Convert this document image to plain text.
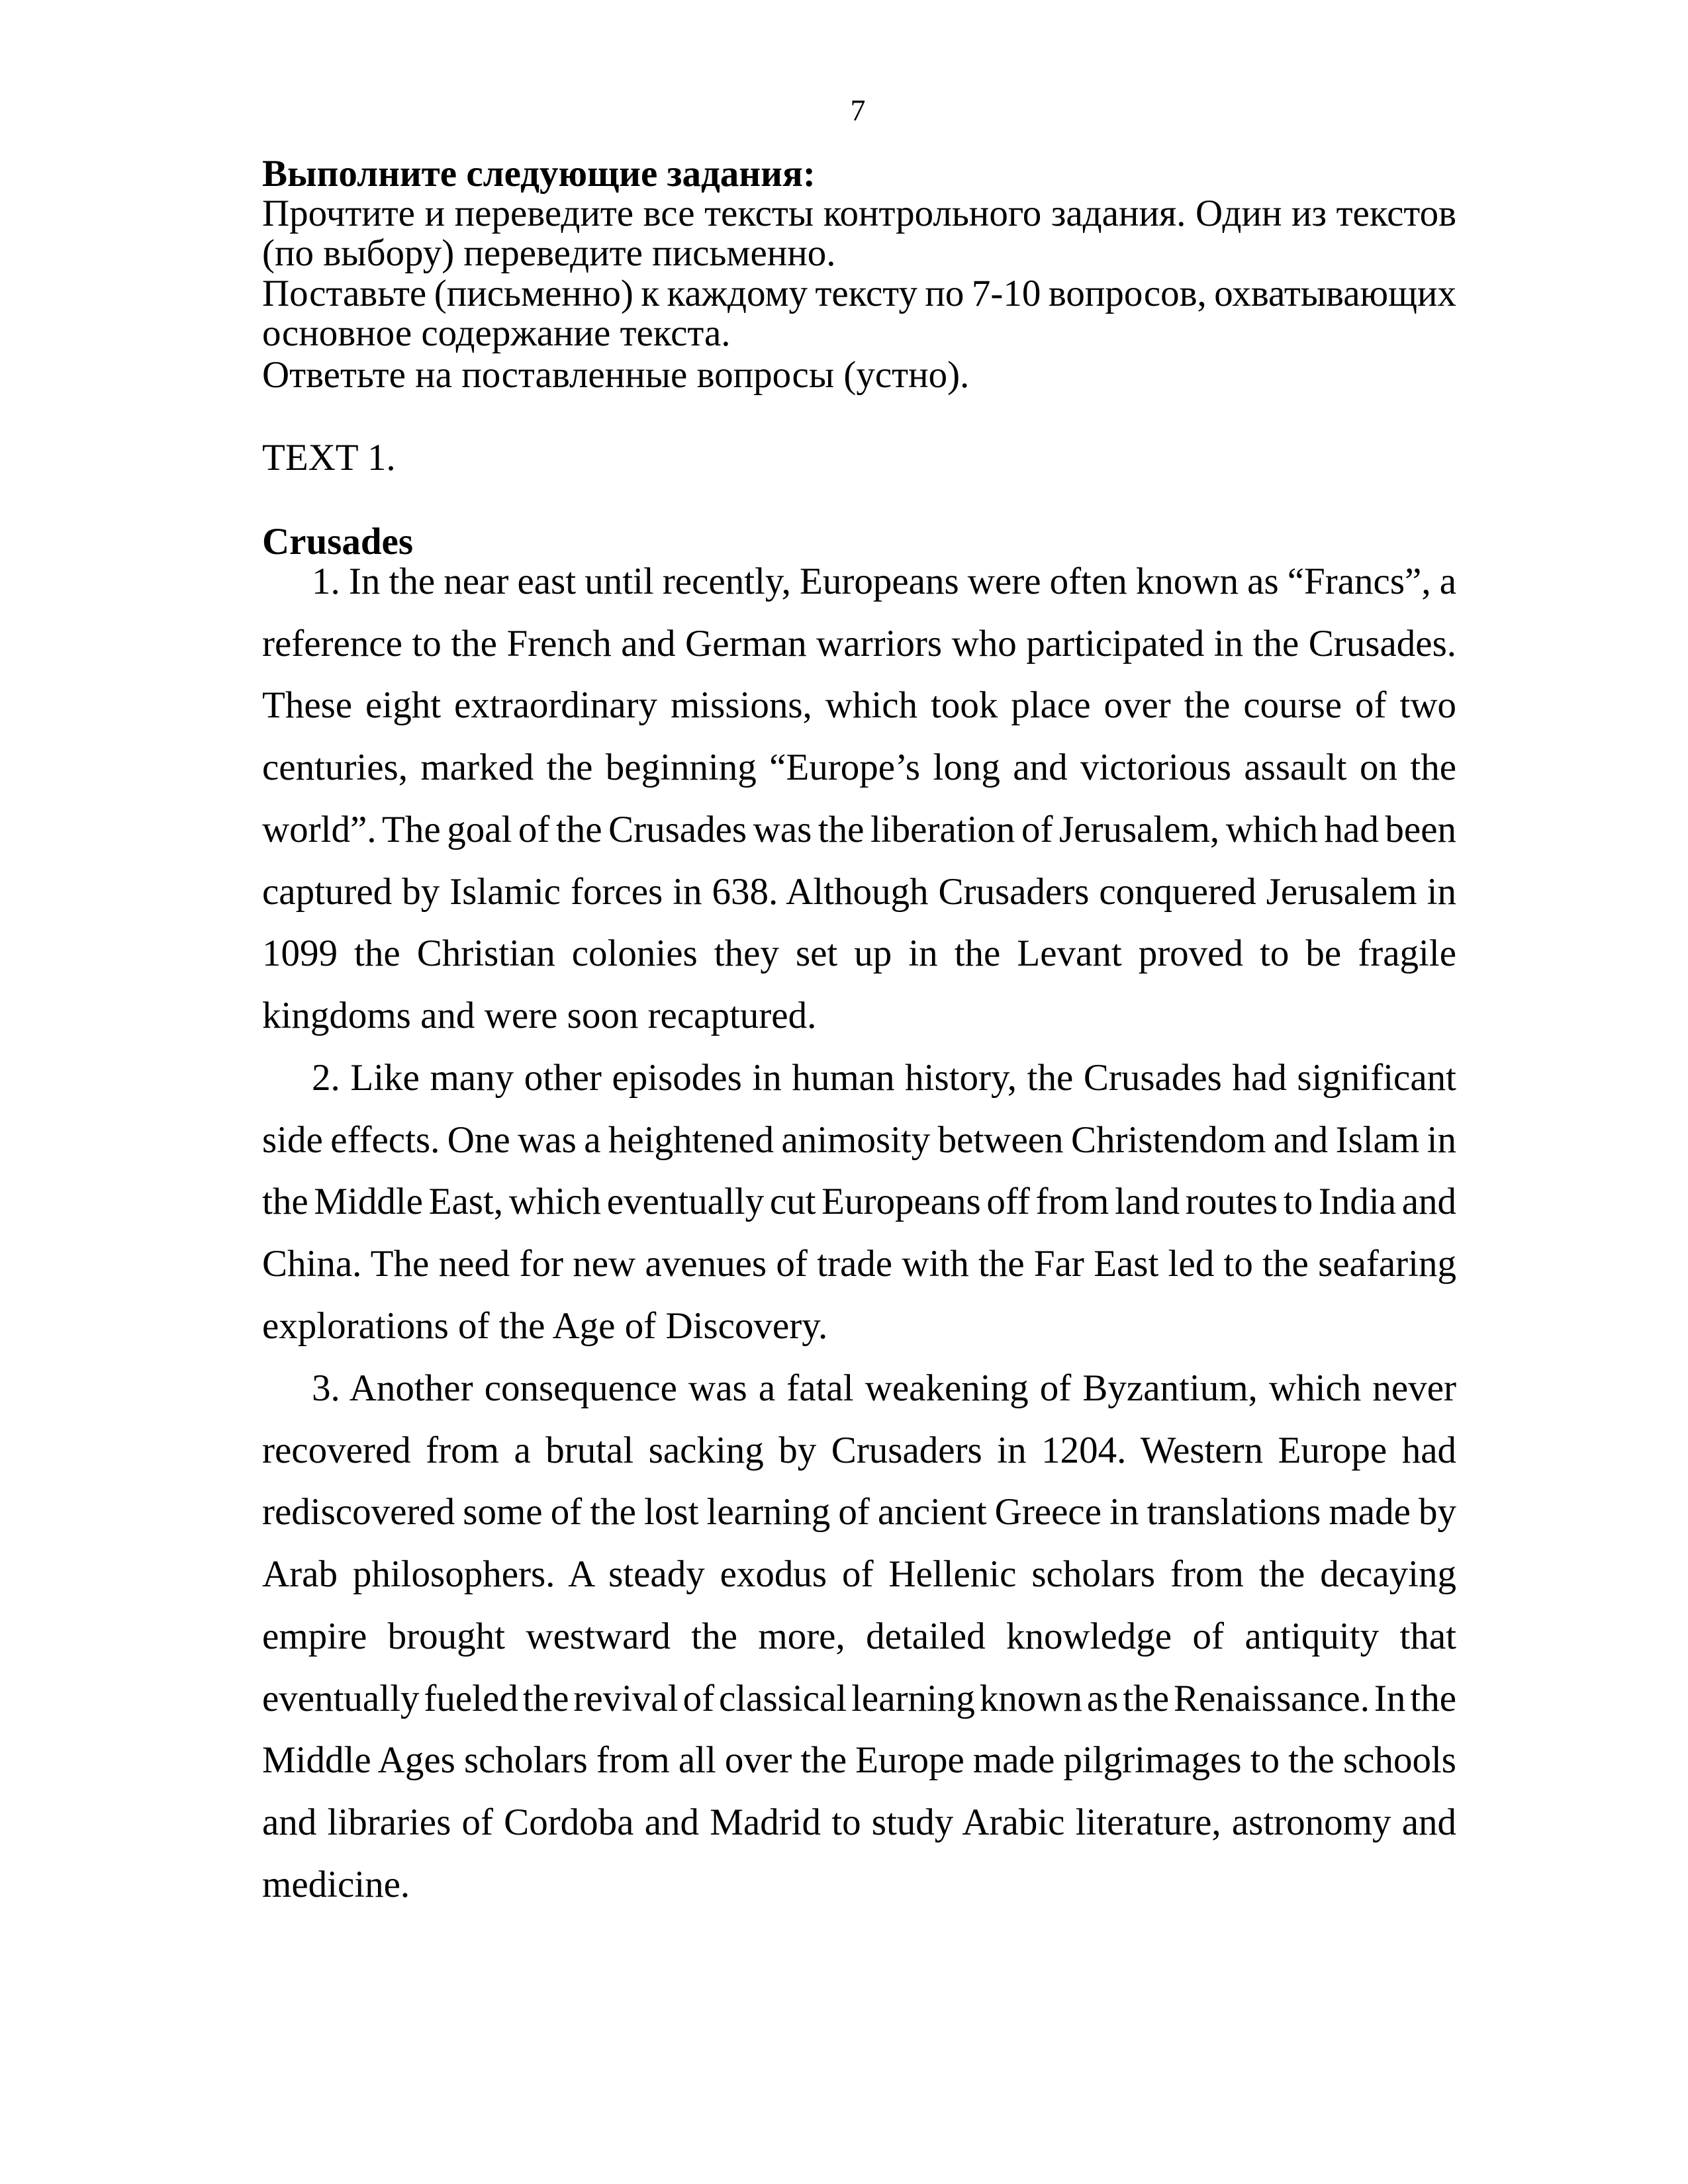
7
Выполните следующие задания:
Прочтите и переведите все тексты контрольного задания. Один из текстов
(по выбору) переведите письменно.
Поставьте (письменно) к каждому тексту по 7-10 вопросов, охватывающих
основное содержание текста.
Ответьте на поставленные вопросы (устно).
TEXT 1.
Crusades
1. In the near east until recently, Europeans were often known as “Francs”, a
reference to the French and German warriors who participated in the Crusades.
These eight extraordinary missions, which took place over the course of two
centuries, marked the beginning “Europe’s long and victorious assault on the
world”. The goal of the Crusades was the liberation of Jerusalem, which had been
captured by Islamic forces in 638. Although Crusaders conquered Jerusalem in
1099 the Christian colonies they set up in the Levant proved to be fragile
kingdoms and were soon recaptured.
2. Like many other episodes in human history, the Crusades had significant
side effects. One was a heightened animosity between Christendom and Islam in
the Middle East, which eventually cut Europeans off from land routes to India and
China. The need for new avenues of trade with the Far East led to the seafaring
explorations of the Age of Discovery.
3. Another consequence was a fatal weakening of Byzantium, which never
recovered from a brutal sacking by Crusaders in 1204. Western Europe had
rediscovered some of the lost learning of ancient Greece in translations made by
Arab philosophers. A steady exodus of Hellenic scholars from the decaying
empire brought westward the more, detailed knowledge of antiquity that
eventually fueled the revival of classical learning known as the Renaissance. In the
Middle Ages scholars from all over the Europe made pilgrimages to the schools
and libraries of Cordoba and Madrid to study Arabic literature, astronomy and
medicine.
